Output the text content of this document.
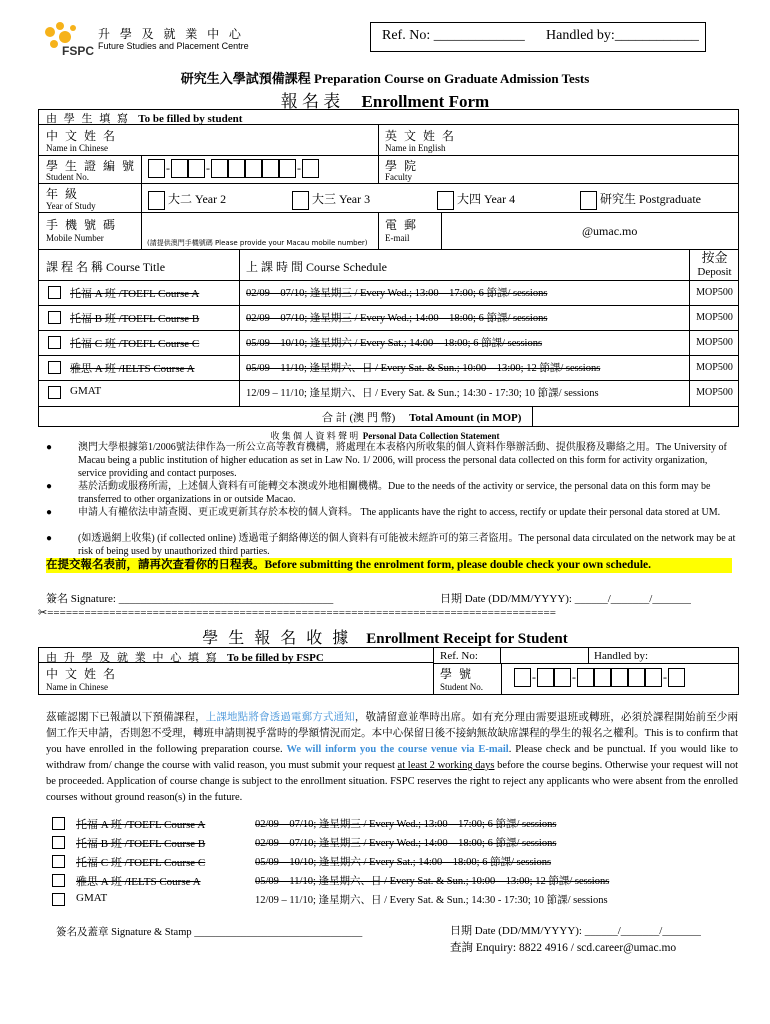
FSPC
升 學 及 就 業 中 心
Future Studies and Placement Centre
Ref. No: _____________ Handled by:____________
研究生入學試預備課程 Preparation Course on Graduate Admission Tests
報 名 表 Enrollment Form
由 學 生 填 寫 To be filled by student
中 文 姓 名
Name in Chinese
英 文 姓 名
Name in English
學 生 證 編 號
Student No.
-	-	-	學 院
Faculty
年 級
Year of Study	大二 Year 2	大三 Year 3	大四 Year 4	研究生 Postgraduate
手 機 號 碼
Mobile Number	(請提供澳門手機號碼 Please provide your Macau mobile number)
電 郵
E-mail	@umac.mo
課 程 名 稱 Course Title	上 課 時 間 Course Schedule
按金
Deposit
托福 A 班 /TOEFL Course A	02/09 – 07/10; 逢星期三 / Every Wed.; 13:00 – 17:00; 6 節課/ sessions	MOP500
托福 B 班 /TOEFL Course B	02/09 – 07/10; 逢星期三 / Every Wed.; 14:00 – 18:00; 6 節課/ sessions	MOP500
托福 C 班 /TOEFL Course C	05/09 – 10/10; 逢星期六 / Every Sat.; 14:00 – 18:00; 6 節課/ sessions	MOP500
雅思 A 班 /IELTS Course A	05/09 – 11/10; 逢星期六、日 / Every Sat. & Sun.; 10:00 – 13:00; 12 節課/ sessions	MOP500
GMAT	12/09 – 11/10; 逢星期六、日 / Every Sat. & Sun.; 14:30 - 17:30; 10 節課/ sessions	MOP500
合 計 (澳 門 幣) Total Amount (in MOP)
收 集 個 人 資 料 聲 明 Personal Data Collection Statement
●	澳門大學根據第1/2006號法律作為一所公立高等教育機構，將處理在本表格內所收集的個人資料作舉辦活動、提供服務及聯絡之用。The University of Macau being a public institution of higher education as set in Law No. 1/ 2006, will process the personal data collected on this form for activity organization, service providing and contact purposes.

●	基於活動或服務所需，上述個人資料有可能轉交本澳或外地相關機構。Due to the needs of the activity or service, the personal data on this form may be transferred to other organizations in or outside Macao.

●	申請人有權依法申請查閱、更正或更新其存於本校的個人資料。 The applicants have the right to access, rectify or update their personal data stored at UM.

●	(如透過網上收集) (if collected online) 透過電子網絡傳送的個人資料有可能被未經許可的第三者盜用。The personal data circulated on the network may be at risk of being used by unauthorized third parties.

在提交報名表前，請再次查看你的日程表。Before submitting the enrolment form, please double check your own schedule.
簽名 Signature: _______________________________________	日期 Date (DD/MM/YYYY): ______/_______/_______
✂==================================================================================
學 生 報 名 收 據 Enrollment Receipt for Student
由 升 學 及 就 業 中 心 填 寫 To be filled by FSPC	Ref. No:	Handled by:
中 文 姓 名
Name in Chinese
學 號
Student No.
-	-	-
茲確認閣下已報讀以下預備課程，上課地點將會透過電郵方式通知，敬請留意並準時出席。如有充分理由需要退班或轉班，必須於課程開始前至少兩個工作天申請，否則恕不受理，轉班申請則視乎當時的學額情況而定。本中心保留日後不接納無故缺席課程的學生的報名之權利。This is to confirm that you have enrolled in the following preparation course. We will inform you the course venue via E-mail. Please check and be punctual. If you would like to withdraw from/ change the course with valid reason, you must submit your request at least 2 working days before the course begins. Otherwise your request will not be proceeded. Application of course change is subject to the enrollment situation. FSPC reserves the right to reject any applicants who were absent from the enrolled courses without ground reason(s) in the future.
托福 A 班 /TOEFL Course A	02/09 – 07/10; 逢星期三 / Every Wed.; 13:00 – 17:00; 6 節課/ sessions
托福 B 班 /TOEFL Course B	02/09 – 07/10; 逢星期三 / Every Wed.; 14:00 – 18:00; 6 節課/ sessions
托福 C 班 /TOEFL Course C	05/09 – 10/10; 逢星期六 / Every Sat.; 14:00 – 18:00; 6 節課/ sessions
雅思 A 班 /IELTS Course A	05/09 – 11/10; 逢星期六、日 / Every Sat. & Sun.; 10:00 – 13:00; 12 節課/ sessions
GMAT	12/09 – 11/10; 逢星期六、日 / Every Sat. & Sun.; 14:30 - 17:30; 10 節課/ sessions
簽名及蓋章 Signature & Stamp ________________________________	日期 Date (DD/MM/YYYY): ______/_______/_______
查詢 Enquiry: 8822 4916 / scd.career@umac.mo
